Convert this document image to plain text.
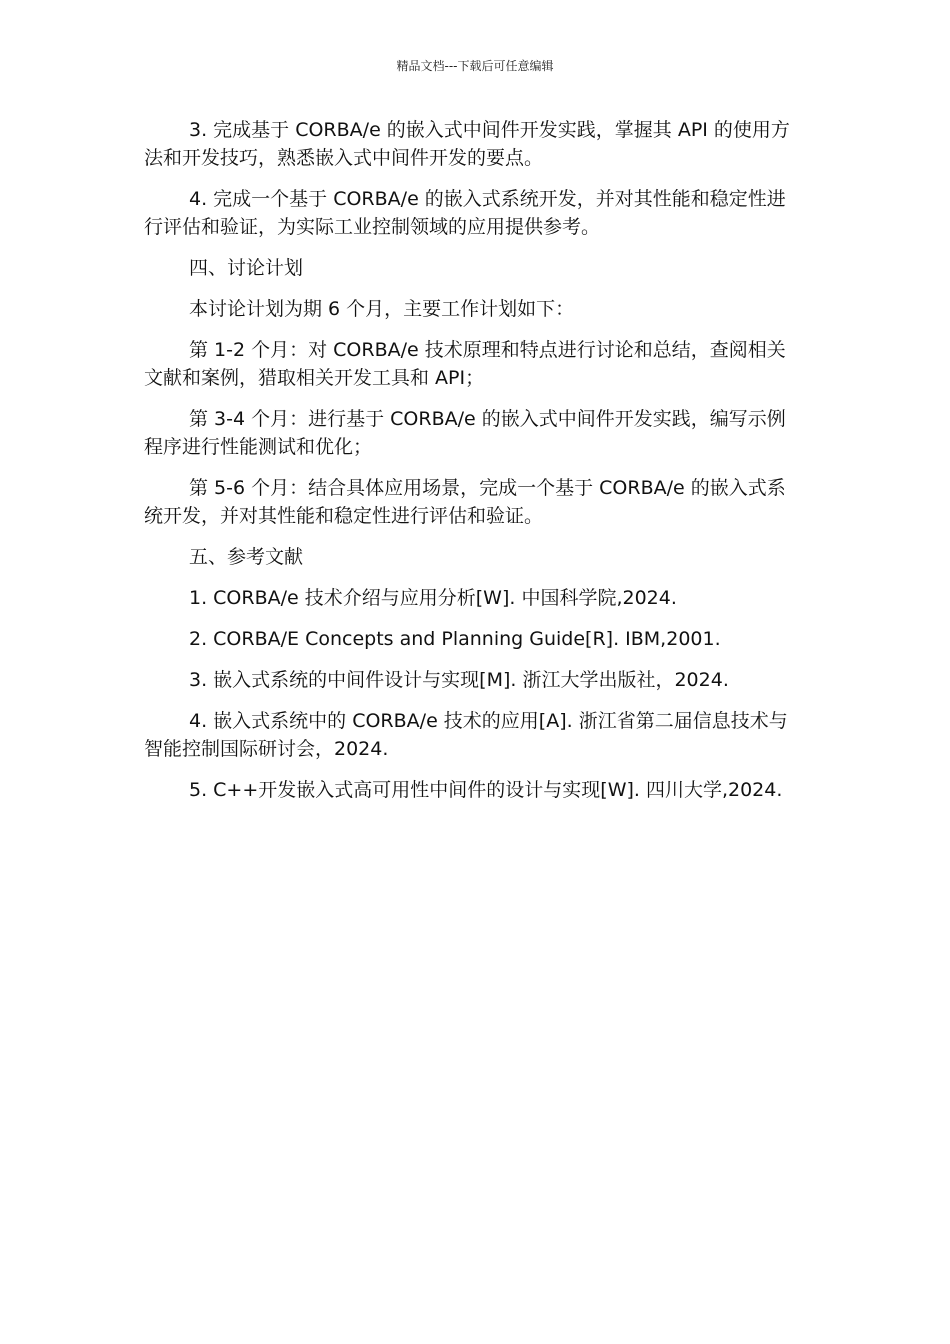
精品文档---下载后可任意编辑

3. 完成基于 CORBA/e 的嵌入式中间件开发实践，掌握其 API 的使用方法和开发技巧，熟悉嵌入式中间件开发的要点。

4. 完成一个基于 CORBA/e 的嵌入式系统开发，并对其性能和稳定性进行评估和验证，为实际工业控制领域的应用提供参考。

四、讨论计划

本讨论计划为期 6 个月，主要工作计划如下：

第 1-2 个月：对 CORBA/e 技术原理和特点进行讨论和总结，查阅相关文献和案例，猎取相关开发工具和 API；

第 3-4 个月：进行基于 CORBA/e 的嵌入式中间件开发实践，编写示例程序进行性能测试和优化；

第 5-6 个月：结合具体应用场景，完成一个基于 CORBA/e 的嵌入式系统开发，并对其性能和稳定性进行评估和验证。

五、参考文献

1. CORBA/e 技术介绍与应用分析[W]. 中国科学院,2024.

2. CORBA/E Concepts and Planning Guide[R]. IBM,2001.

3. 嵌入式系统的中间件设计与实现[M]. 浙江大学出版社，2024.

4. 嵌入式系统中的 CORBA/e 技术的应用[A]. 浙江省第二届信息技术与智能控制国际研讨会，2024.

5. C++开发嵌入式高可用性中间件的设计与实现[W]. 四川大学,2024.
